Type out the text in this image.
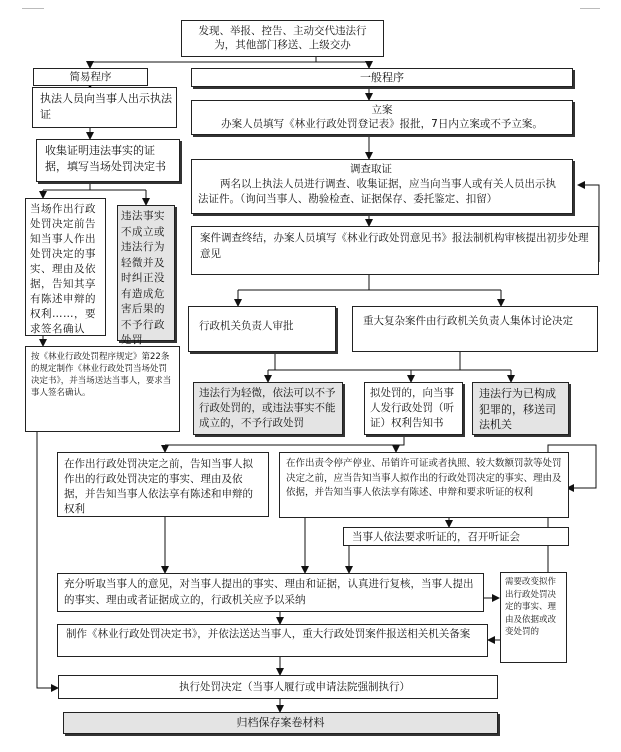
发现、举报、控告、主动交代违法行
为，其他部门移送、上级交办
简易程序
执法人员向当事人出示执法证
收集证明违法事实的证据，填写当场处罚决定书
当场作出行政处罚决定前告知当事人作出处罚决定的事实、理由及依据，告知其享有陈述申辩的权利……，要求签名确认
违法事实不成立或违法行为轻微并及时纠正没有造成危害后果的不予行政处罚
按《林业行政处罚程序规定》第22条的规定制作《林业行政处罚当场处罚决定书》，并当场送达当事人，要求当事人签名确认。
一般程序
立案
办案人员填写《林业行政处罚登记表》报批，7日内立案或不予立案。
调查取证
两名以上执法人员进行调查、收集证据，应当向当事人或有关人员出示执法证件。（询问当事人、勘验检查、证据保存、委托鉴定、扣留）
案件调查终结，办案人员填写《林业行政处罚意见书》报法制机构审核提出初步处理意见
行政机关负责人审批	重大复杂案件由行政机关负责人集体讨论决定
违法行为轻微，依法可以不予行政处罚的，或违法事实不能成立的，不予行政处罚
拟处罚的，向当事人发行政处罚（听证）权利告知书
违法行为已构成犯罪的，移送司法机关
在作出行政处罚决定之前，告知当事人拟作出的行政处罚决定的事实、理由及依据，并告知当事人依法享有陈述和申辩的权利
在作出责令停产停业、吊销许可证或者执照、较大数额罚款等处罚决定之前，应当告知当事人拟作出的行政处罚决定的事实、理由及依据，并告知当事人依法享有陈述、申辩和要求听证的权利
当事人依法要求听证的，召开听证会
充分听取当事人的意见，对当事人提出的事实、理由和证据，认真进行复核，当事人提出的事实、理由或者证据成立的，行政机关应予以采纳
需要改变拟作出行政处罚决定的事实、理由及依据或改变处罚的
制作《林业行政处罚决定书》，并依法送达当事人，重大行政处罚案件报送相关机关备案
执行处罚决定（当事人履行或申请法院强制执行）
归档保存案卷材料
